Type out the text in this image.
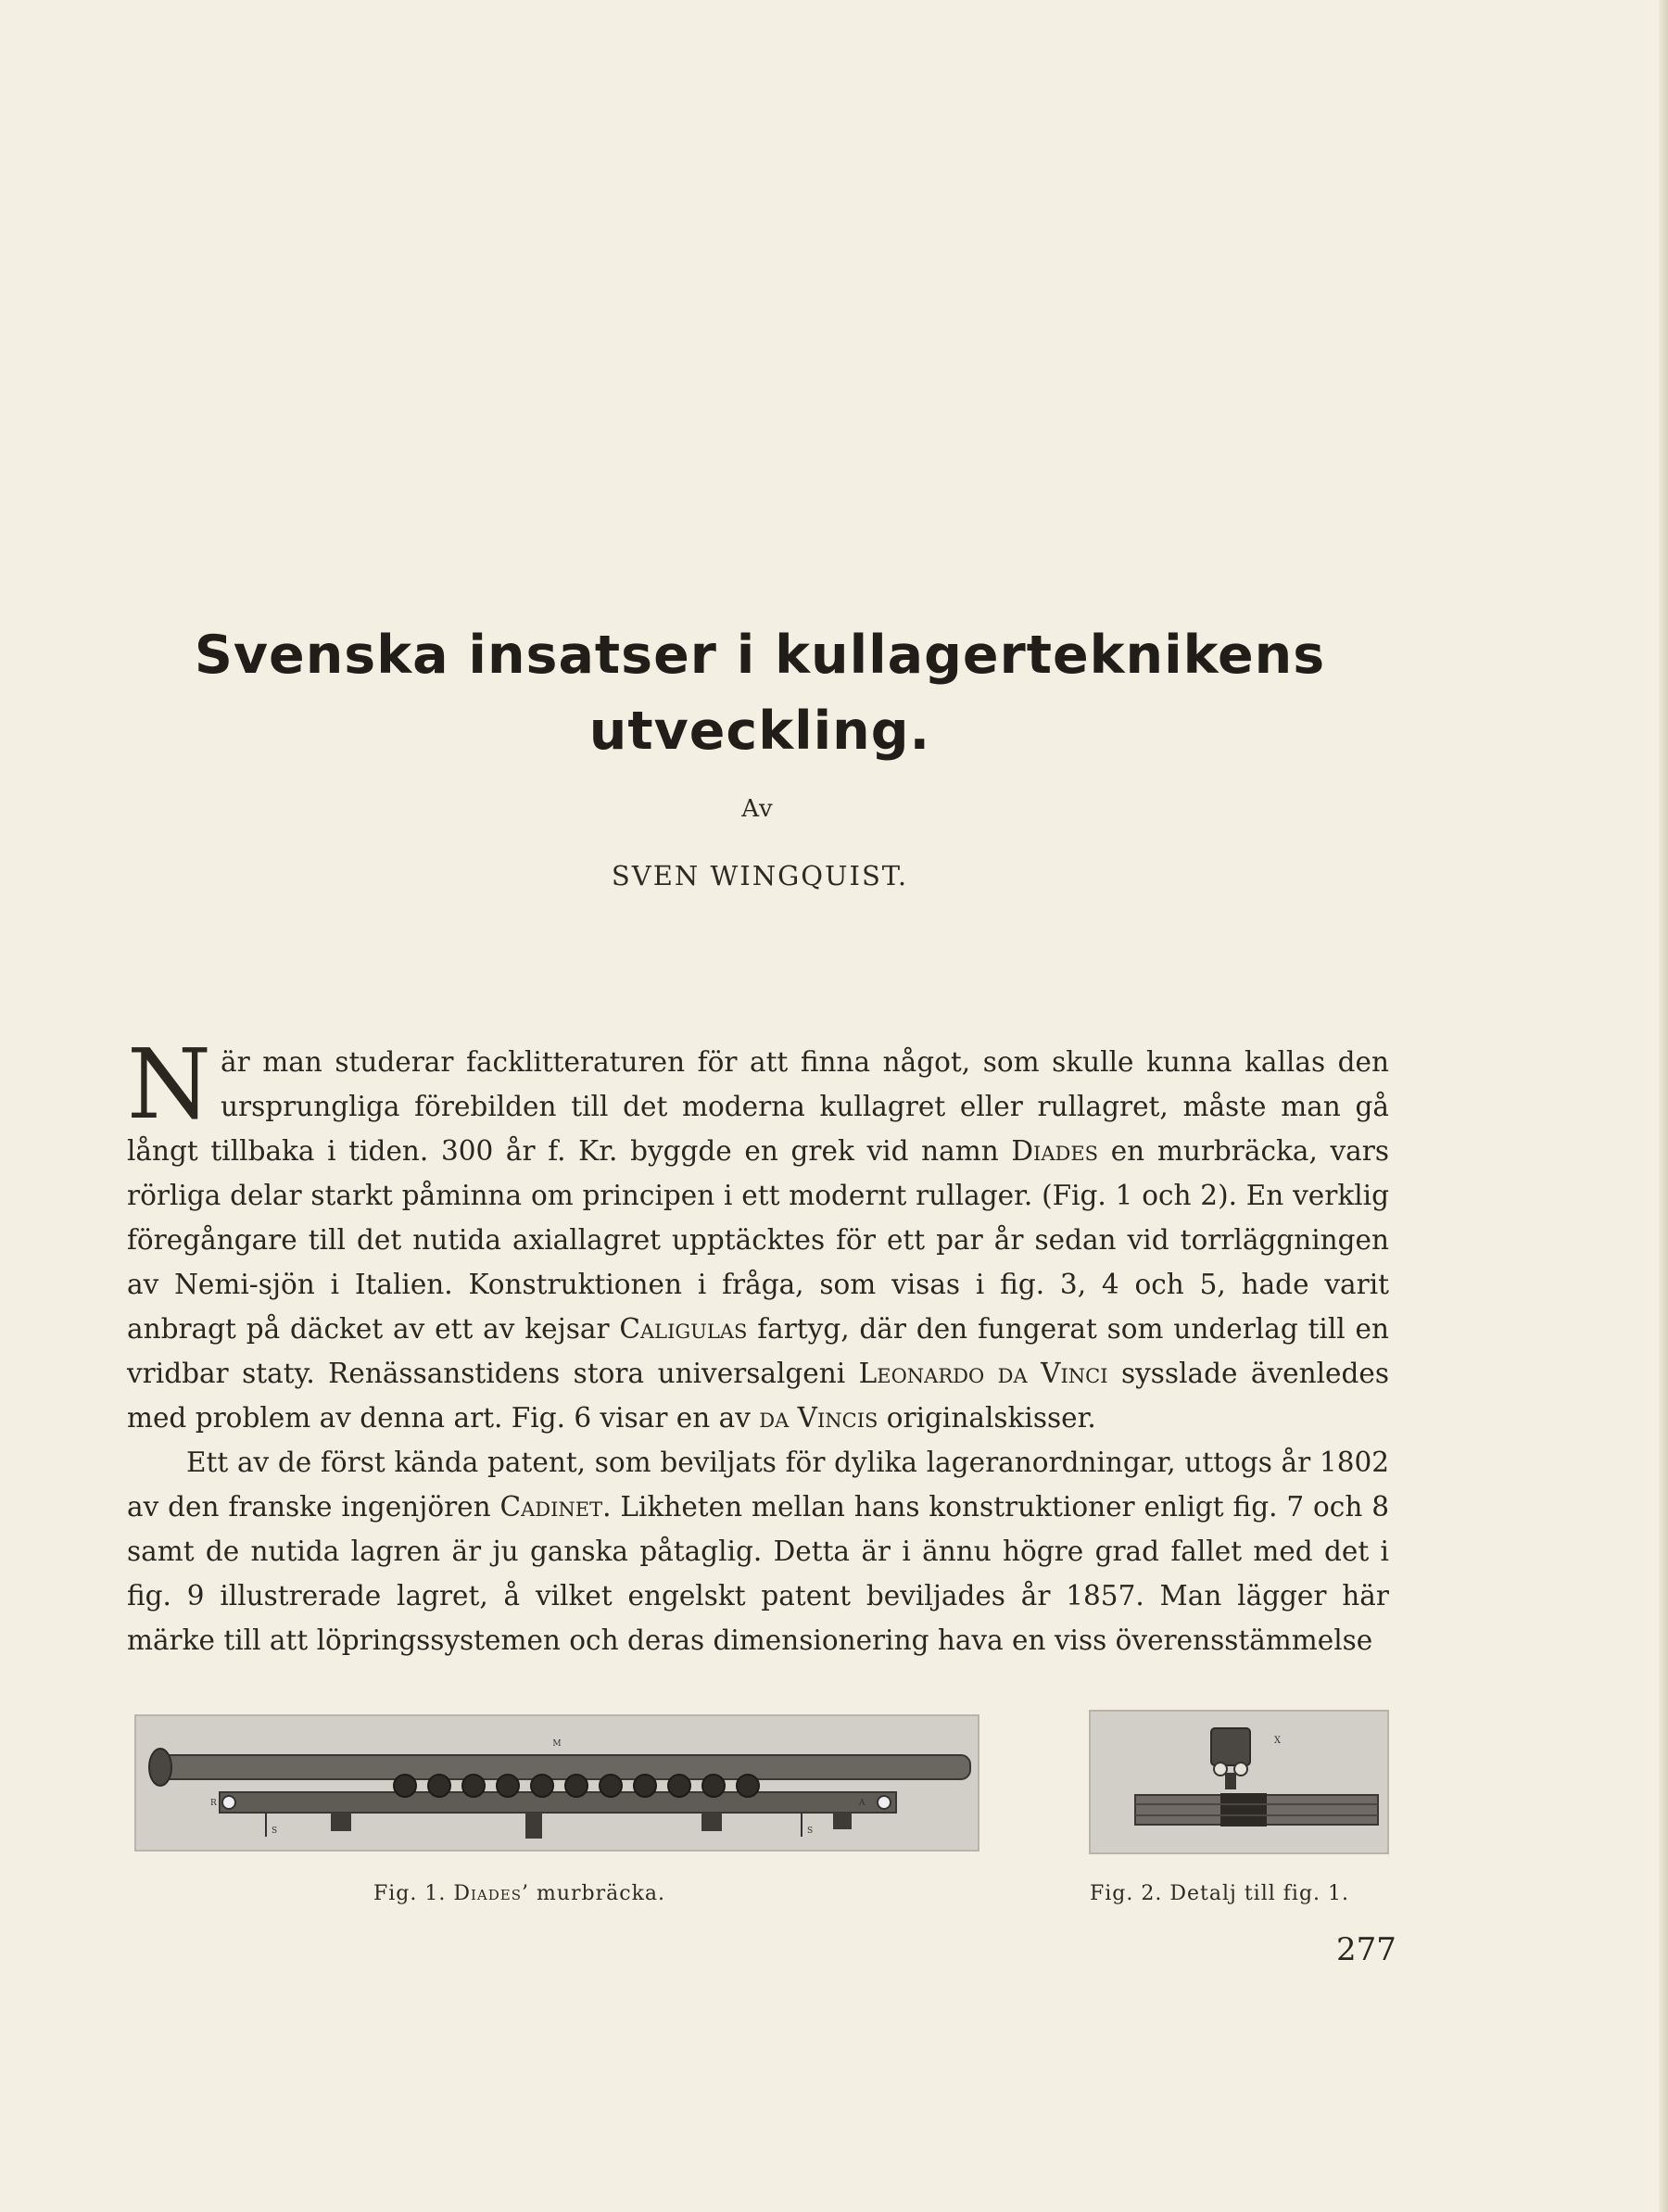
Svenska insatser i kullagerteknikens
utveckling.
Av
SVEN WINGQUIST.

När man studerar facklitteraturen för att finna något, som skulle kunna kallas den ursprungliga förebilden till det moderna kullagret eller rullagret, måste man gå långt tillbaka i tiden. 300 år f. Kr. byggde en grek vid namn Diades en murbräcka, vars rörliga delar starkt påminna om principen i ett modernt rullager. (Fig. 1 och 2). En verklig föregångare till det nutida axiallagret upptäcktes för ett par år sedan vid torrläggningen av Nemi-sjön i Italien. Konstruktionen i fråga, som visas i fig. 3, 4 och 5, hade varit anbragt på däcket av ett av kejsar Caligulas fartyg, där den fungerat som underlag till en vridbar staty. Renässanstidens stora universalgeni Leonardo da Vinci sysslade ävenledes med problem av denna art. Fig. 6 visar en av da Vincis originalskisser.

Ett av de först kända patent, som beviljats för dylika lageranordningar, uttogs år 1802 av den franske ingenjören Cadinet. Likheten mellan hans konstruktioner enligt fig. 7 och 8 samt de nutida lagren är ju ganska påtaglig. Detta är i ännu högre grad fallet med det i fig. 9 illustrerade lagret, å vilket engelskt patent beviljades år 1857. Man lägger här märke till att löpringssystemen och deras dimensionering hava en viss överensstämmelse

M
R	A
S	S
X
Fig. 1. Diades’ murbräcka.	Fig. 2. Detalj till fig. 1.
277
